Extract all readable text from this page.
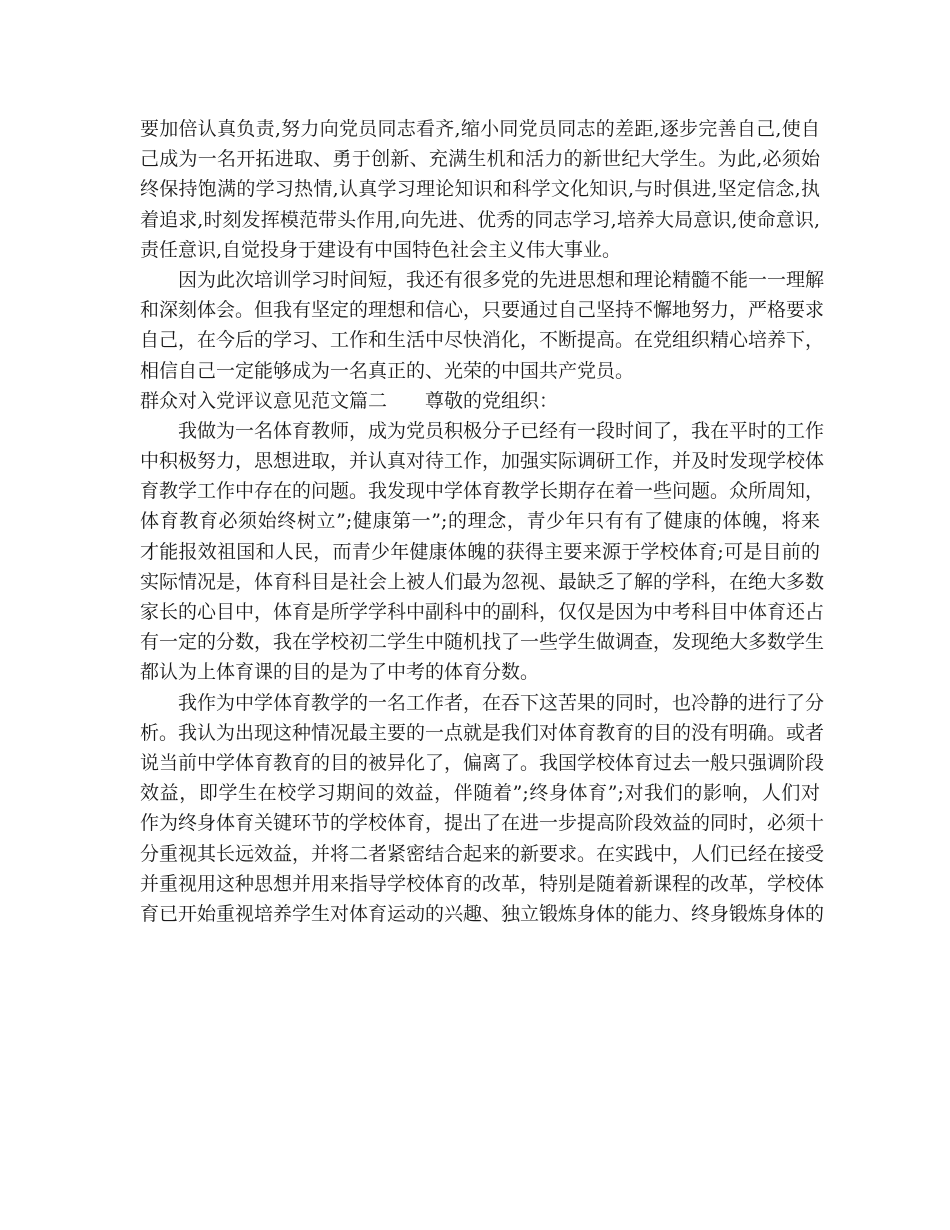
要加倍认真负责,努力向党员同志看齐,缩小同党员同志的差距,逐步完善自己,使自
己成为一名开拓进取、勇于创新、充满生机和活力的新世纪大学生。为此,必须始
终保持饱满的学习热情,认真学习理论知识和科学文化知识,与时俱进,坚定信念,执
着追求,时刻发挥模范带头作用,向先进、优秀的同志学习,培养大局意识,使命意识,
责任意识,自觉投身于建设有中国特色社会主义伟大事业。
因为此次培训学习时间短，我还有很多党的先进思想和理论精髓不能一一理解
和深刻体会。但我有坚定的理想和信心，只要通过自己坚持不懈地努力，严格要求
自己，在今后的学习、工作和生活中尽快消化，不断提高。在党组织精心培养下，
相信自己一定能够成为一名真正的、光荣的中国共产党员。
群众对入党评议意见范文篇二 尊敬的党组织：
我做为一名体育教师，成为党员积极分子已经有一段时间了，我在平时的工作
中积极努力，思想进取，并认真对待工作，加强实际调研工作，并及时发现学校体
育教学工作中存在的问题。我发现中学体育教学长期存在着一些问题。众所周知，
体育教育必须始终树立”;健康第一”;的理念，青少年只有有了健康的体魄，将来
才能报效祖国和人民，而青少年健康体魄的获得主要来源于学校体育;可是目前的
实际情况是，体育科目是社会上被人们最为忽视、最缺乏了解的学科，在绝大多数
家长的心目中，体育是所学学科中副科中的副科，仅仅是因为中考科目中体育还占
有一定的分数，我在学校初二学生中随机找了一些学生做调查，发现绝大多数学生
都认为上体育课的目的是为了中考的体育分数。
我作为中学体育教学的一名工作者，在吞下这苦果的同时，也冷静的进行了分
析。我认为出现这种情况最主要的一点就是我们对体育教育的目的没有明确。或者
说当前中学体育教育的目的被异化了，偏离了。我国学校体育过去一般只强调阶段
效益，即学生在校学习期间的效益，伴随着”;终身体育”;对我们的影响，人们对
作为终身体育关键环节的学校体育，提出了在进一步提高阶段效益的同时，必须十
分重视其长远效益，并将二者紧密结合起来的新要求。在实践中，人们已经在接受
并重视用这种思想并用来指导学校体育的改革，特别是随着新课程的改革，学校体
育已开始重视培养学生对体育运动的兴趣、独立锻炼身体的能力、终身锻炼身体的
